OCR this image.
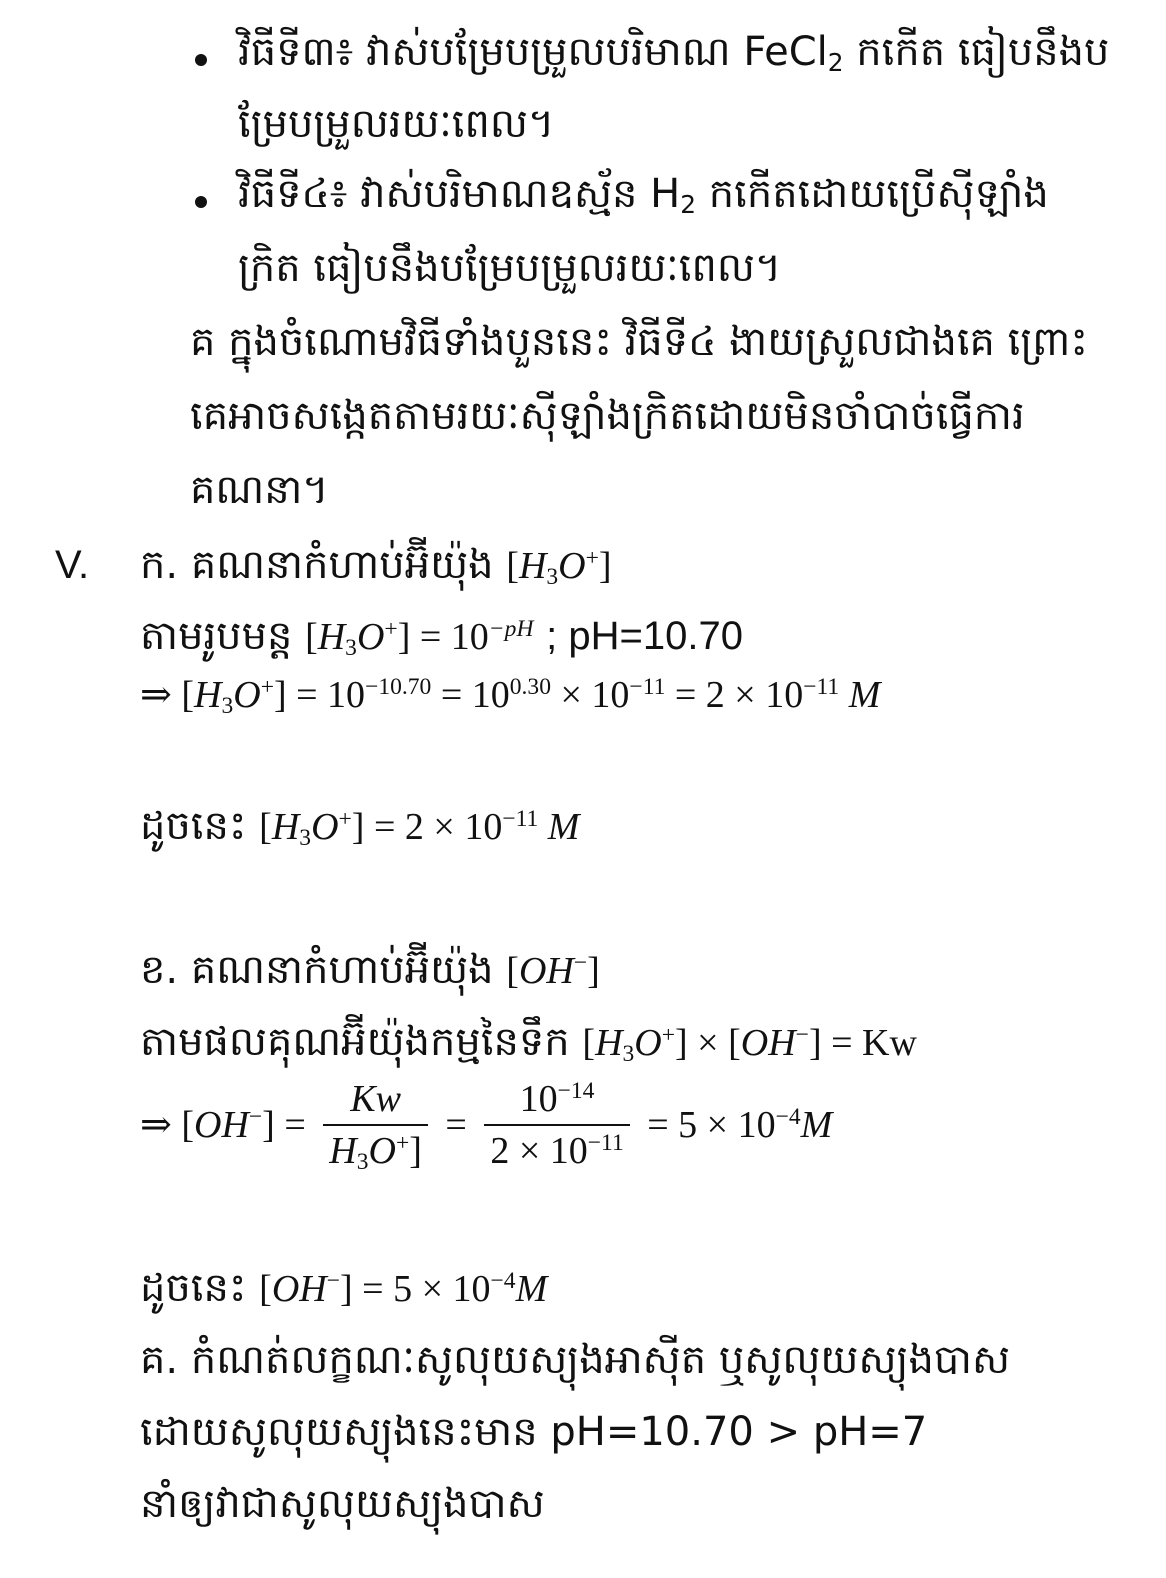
វិធីទី៣៖ វាស់បម្រែបម្រួលបរិមាណ FeCl$_2$ កកើត ធៀបនឹងប
ម្រែបម្រួលរយៈពេល។
វិធីទី៤៖ វាស់បរិមាណឧស្ម័ន $H_2$ កកើតដោយប្រើស៊ីឡាំង
ក្រិត ធៀបនឹងបម្រែបម្រួលរយៈពេល។
គ ក្នុងចំណោមវិធីទាំងបួននេះ វិធីទី៤ ងាយស្រួលជាងគេ ព្រោះ
គេអាចសង្កេតតាមរយៈស៊ីឡាំងក្រិតដោយមិនចាំបាច់ធ្វើការ
គណនា។
V. ក. គណនាកំហាប់អ៊ីយ៉ុង $[H_3O^+]$
តាមរូបមន្ត $[H_3O^+] = 10^{-pH}$ ; pH=10.70
⇒ $[H_3O^+] = 10^{-10.70} = 10^{0.30} \times 10^{-11} = 2 \times 10^{-11}$ M
ដូចនេះ $[H_3O^+] = 2 \times 10^{-11}$ M
ខ. គណនាកំហាប់អ៊ីយ៉ុង [OH−]
តាមផលគុណអ៊ីយ៉ុងកម្មនៃទឹក $[H_3O^+] \times [OH^-] = Kw$
⇒ $[OH^-] = \frac{Kw}{H_3O^+]} = \frac{10^{-14}}{2 \times 10^{-11}} = 5 \times 10^{-4}M$
ដូចនេះ $[OH^-] = 5 \times 10^{-4}M$
គ. កំណត់លក្ខណៈសូលុយស្យុងអាស៊ីត ឬសូលុយស្យុងបាស
ដោយសូលុយស្យុងនេះមាន pH=10.70 > pH=7
នាំឲ្យវាជាសូលុយស្យុងបាស
